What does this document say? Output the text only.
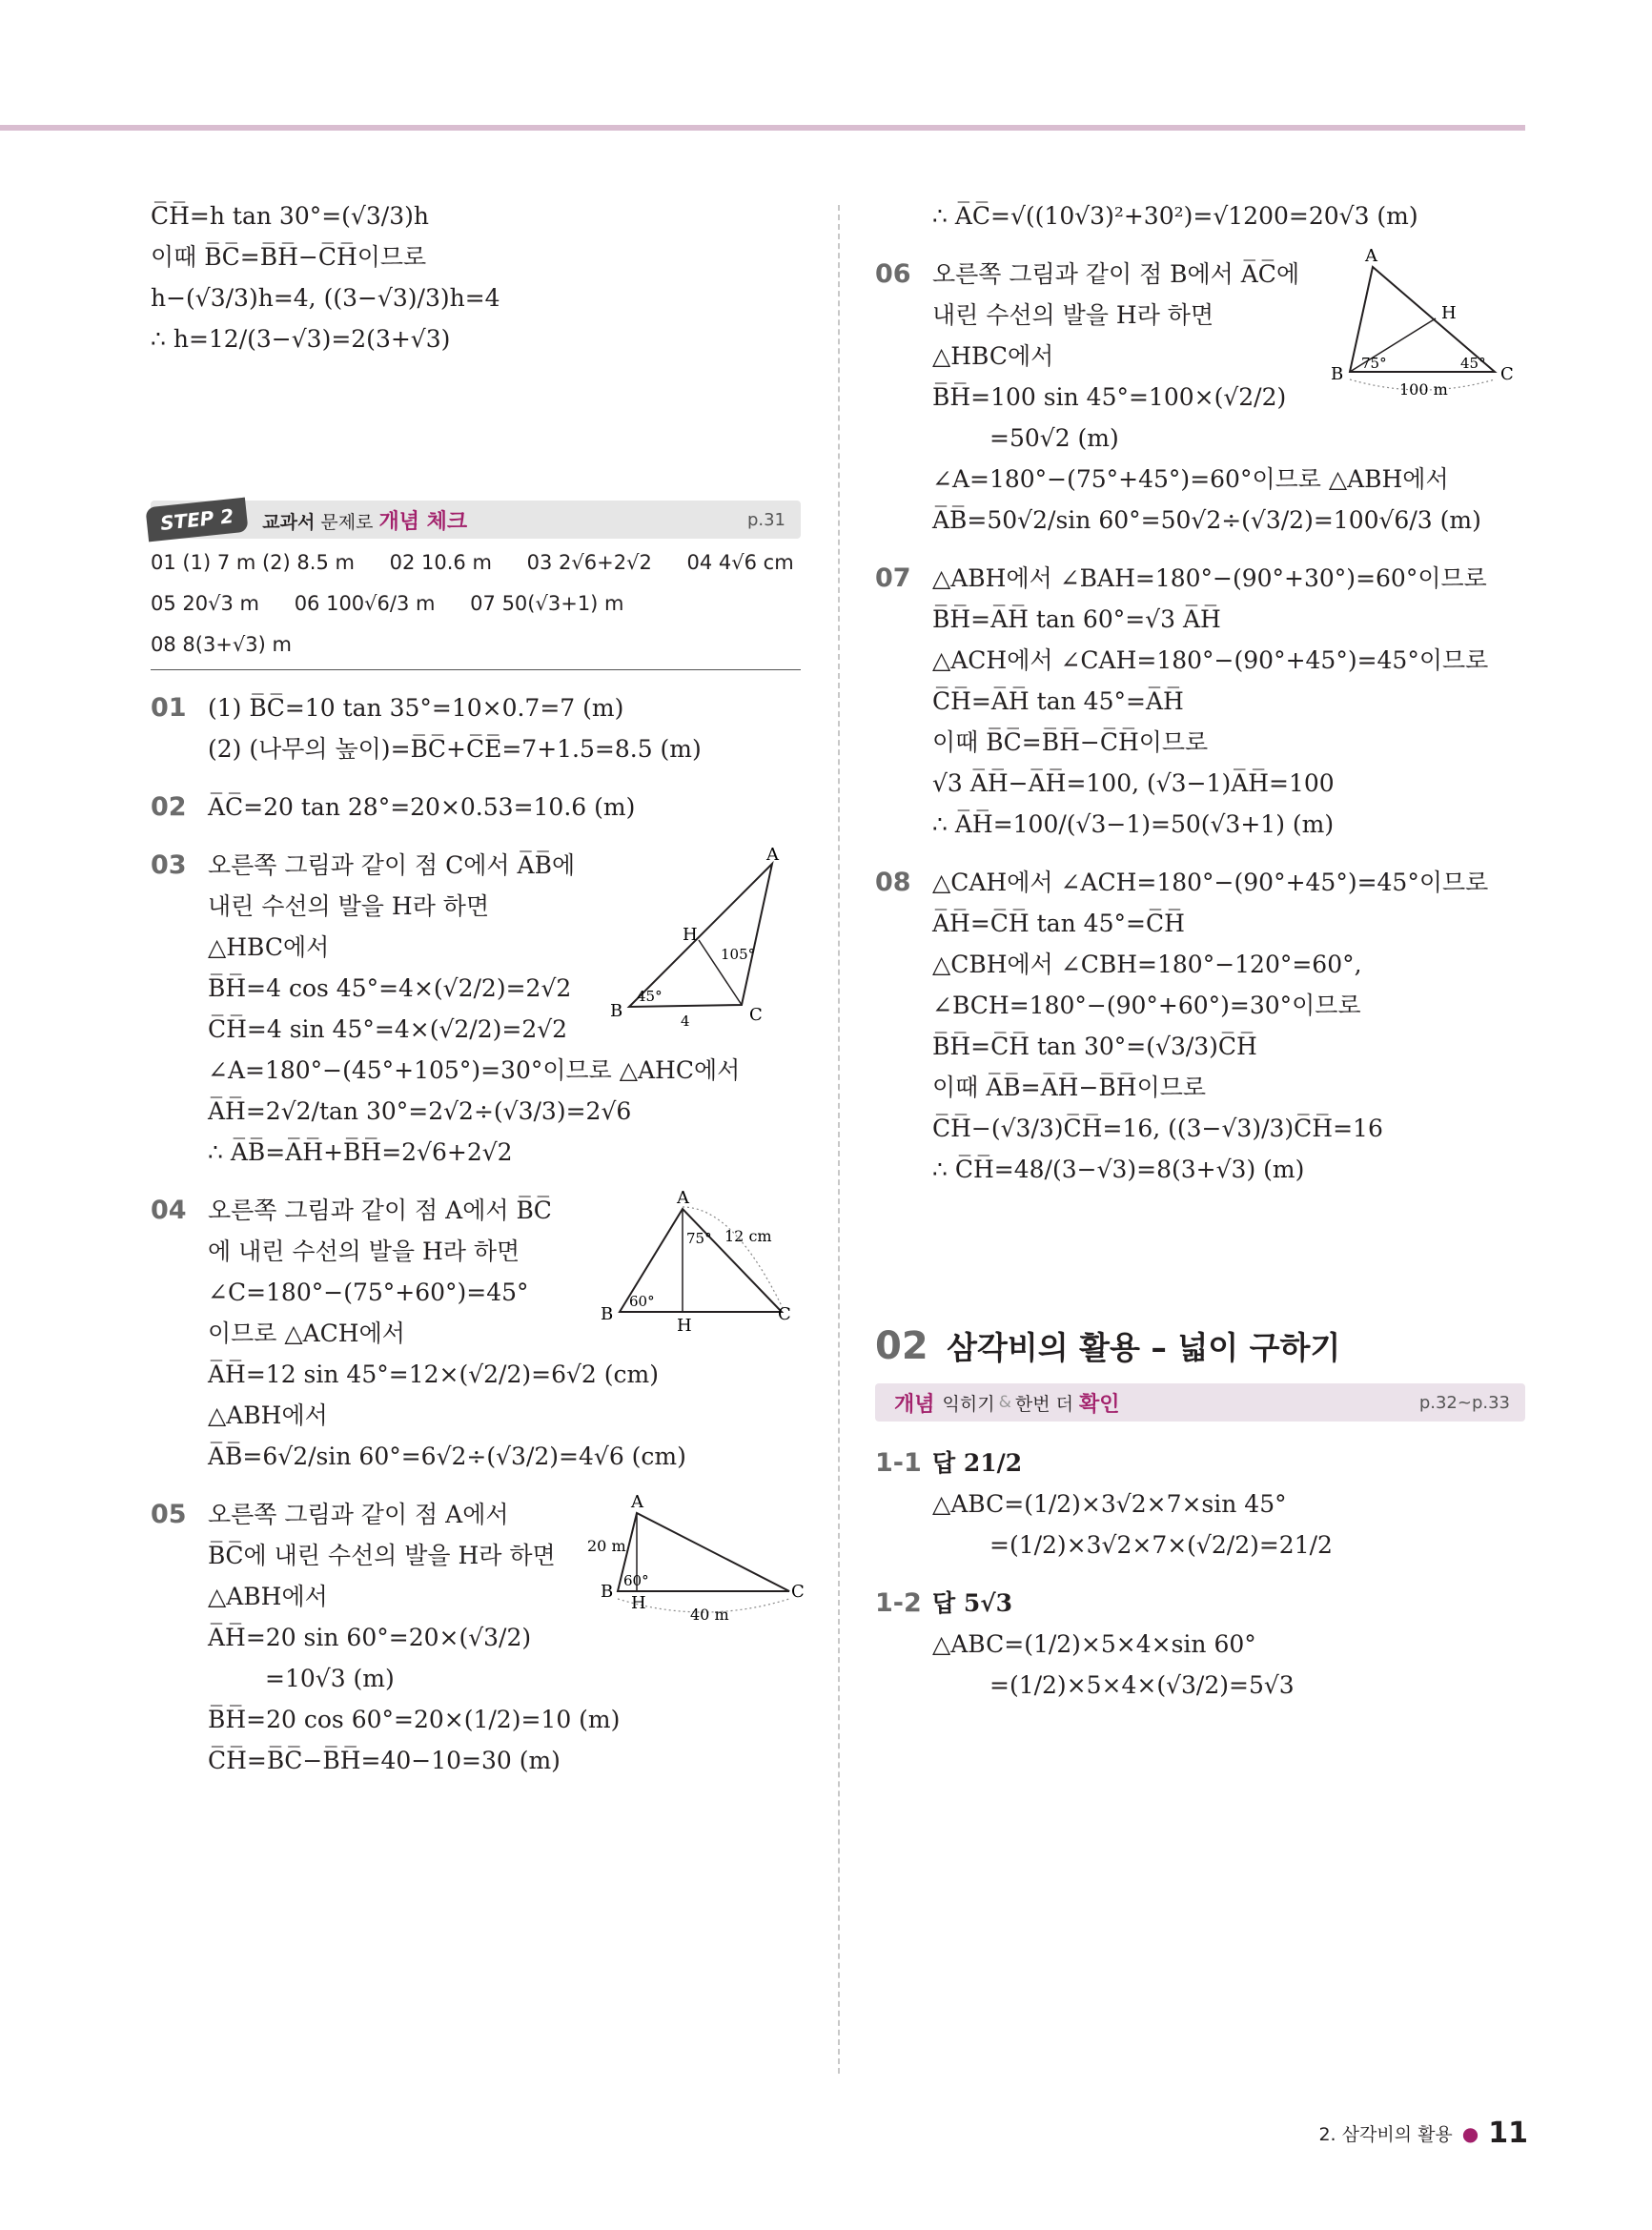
C̅H̅=h tan 30°=(√3/3)h
이때 B̅C̅=B̅H̅−C̅H̅이므로
h−(√3/3)h=4, ((3−√3)/3)h=4
∴ h=12/(3−√3)=2(3+√3)
STEP 2	교과서 문제로 개념 체크	p.31
01 (1) 7 m (2) 8.5 m 02 10.6 m 03 2√6+2√2 04 4√6 cm
05 20√3 m 06 100√6/3 m 07 50(√3+1) m
08 8(3+√3) m
01 (1) B̅C̅=10 tan 35°=10×0.7=7 (m)
(2) (나무의 높이)=B̅C̅+C̅E̅=7+1.5=8.5 (m)
02 A̅C̅=20 tan 28°=20×0.53=10.6 (m)
03 오른쪽 그림과 같이 점 C에서 A̅B̅에
내린 수선의 발을 H라 하면
△HBC에서
B̅H̅=4 cos 45°=4×(√2/2)=2√2
C̅H̅=4 sin 45°=4×(√2/2)=2√2
∠A=180°−(45°+105°)=30°이므로 △AHC에서
A̅H̅=2√2/tan 30°=2√2÷(√3/3)=2√6
∴ A̅B̅=A̅H̅+B̅H̅=2√6+2√2
A
B	C
H
45°
105°
4
04 오른쪽 그림과 같이 점 A에서 B̅C̅
에 내린 수선의 발을 H라 하면
∠C=180°−(75°+60°)=45°
이므로 △ACH에서
A̅H̅=12 sin 45°=12×(√2/2)=6√2 (cm)
△ABH에서
A̅B̅=6√2/sin 60°=6√2÷(√3/2)=4√6 (cm)
A
B	C
H
60°
75° 12 cm
05 오른쪽 그림과 같이 점 A에서
B̅C̅에 내린 수선의 발을 H라 하면
△ABH에서
A̅H̅=20 sin 60°=20×(√3/2)
=10√3 (m)
B̅H̅=20 cos 60°=20×(1/2)=10 (m)
C̅H̅=B̅C̅−B̅H̅=40−10=30 (m)
A
B	C
H
60°
20 m
40 m
∴ A̅C̅=√((10√3)²+30²)=√1200=20√3 (m)
06 오른쪽 그림과 같이 점 B에서 A̅C̅에
내린 수선의 발을 H라 하면
△HBC에서
B̅H̅=100 sin 45°=100×(√2/2)
=50√2 (m)
∠A=180°−(75°+45°)=60°이므로 △ABH에서
A̅B̅=50√2/sin 60°=50√2÷(√3/2)=100√6/3 (m)
A
B	C
H
75°	45°
100 m
07 △ABH에서 ∠BAH=180°−(90°+30°)=60°이므로
B̅H̅=A̅H̅ tan 60°=√3 A̅H̅
△ACH에서 ∠CAH=180°−(90°+45°)=45°이므로
C̅H̅=A̅H̅ tan 45°=A̅H̅
이때 B̅C̅=B̅H̅−C̅H̅이므로
√3 A̅H̅−A̅H̅=100, (√3−1)A̅H̅=100
∴ A̅H̅=100/(√3−1)=50(√3+1) (m)
08 △CAH에서 ∠ACH=180°−(90°+45°)=45°이므로
A̅H̅=C̅H̅ tan 45°=C̅H̅
△CBH에서 ∠CBH=180°−120°=60°,
∠BCH=180°−(90°+60°)=30°이므로
B̅H̅=C̅H̅ tan 30°=(√3/3)C̅H̅
이때 A̅B̅=A̅H̅−B̅H̅이므로
C̅H̅−(√3/3)C̅H̅=16, ((3−√3)/3)C̅H̅=16
∴ C̅H̅=48/(3−√3)=8(3+√3) (m)
02 삼각비의 활용 – 넓이 구하기
개념 익히기 & 한번 더 확인	p.32~p.33
1-1 답 21/2
△ABC=(1/2)×3√2×7×sin 45°
=(1/2)×3√2×7×(√2/2)=21/2
1-2 답 5√3
△ABC=(1/2)×5×4×sin 60°
=(1/2)×5×4×(√3/2)=5√3
2. 삼각비의 활용 ● 11
